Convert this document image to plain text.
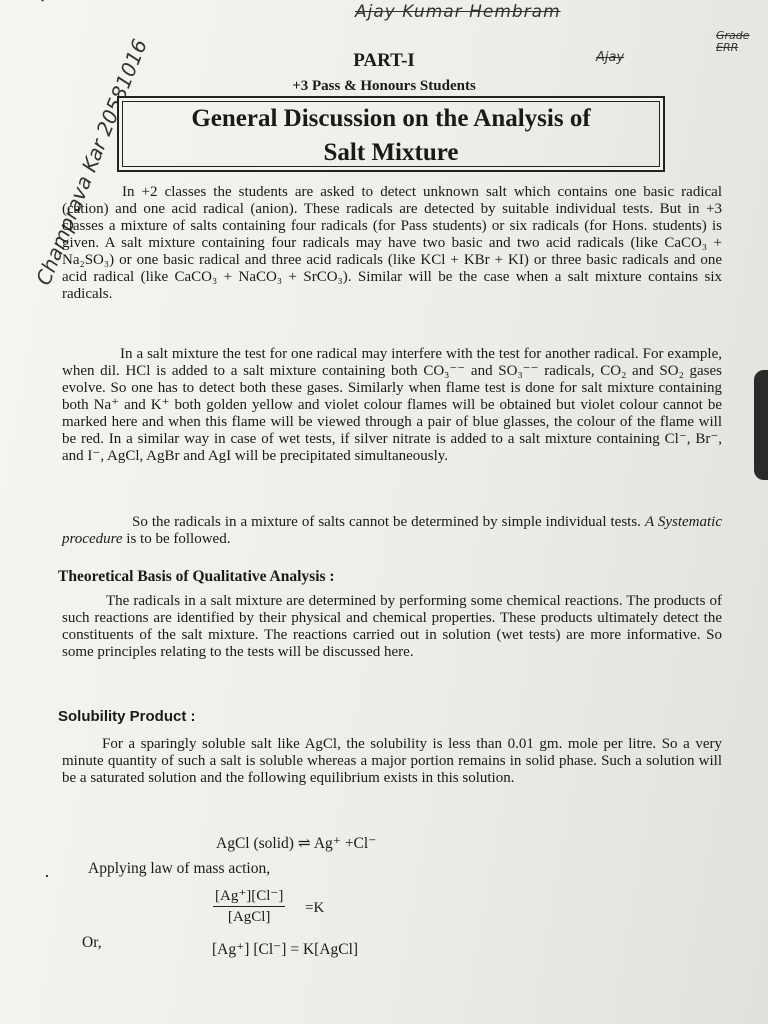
Ajay Kumar Hembram
Ajay
Grade
ERR
Champrava Kar 20581016	PART-I
+3 Pass & Honours Students
General Discussion on the Analysis of
Salt Mixture
In +2 classes the students are asked to detect unknown salt which contains one basic radical (cation) and one acid radical (anion). These radicals are detected by suitable individual tests. But in +3 classes a mixture of salts containing four radicals (for Pass students) or six radicals (for Hons. students) is given. A salt mixture containing four radicals may have two basic and two acid radicals (like CaCO₃ + Na₂SO₃) or one basic radical and three acid radicals (like KCl + KBr + KI) or three basic radicals and one acid radical (like CaCO₃ + NaCO₃ + SrCO₃). Similar will be the case when a salt mixture contains six radicals.
In a salt mixture the test for one radical may interfere with the test for another radical. For example, when dil. HCl is added to a salt mixture containing both CO₃⁻⁻ and SO₃⁻⁻ radicals, CO₂ and SO₂ gases evolve. So one has to detect both these gases. Similarly when flame test is done for salt mixture containing both Na⁺ and K⁺ both golden yellow and violet colour flames will be obtained but violet colour cannot be marked here and when this flame will be viewed through a pair of blue glasses, the colour of the flame will be red. In a similar way in case of wet tests, if silver nitrate is added to a salt mixture containing Cl⁻, Br⁻, and I⁻, AgCl, AgBr and AgI will be precipitated simultaneously.
So the radicals in a mixture of salts cannot be determined by simple individual tests. A Systematic procedure is to be followed.
Theoretical Basis of Qualitative Analysis :
The radicals in a salt mixture are determined by performing some chemical reactions. The products of such reactions are identified by their physical and chemical properties. These products ultimately detect the constituents of the salt mixture. The reactions carried out in solution (wet tests) are more informative. So some principles relating to the tests will be discussed here.
Solubility Product :
For a sparingly soluble salt like AgCl, the solubility is less than 0.01 gm. mole per litre. So a very minute quantity of such a salt is soluble whereas a major portion remains in solid phase. Such a solution will be a saturated solution and the following equilibrium exists in this solution.
AgCl (solid) ⇌ Ag⁺ +Cl⁻
· Applying law of mass action,
[Ag⁺][Cl⁻]
[AgCl]
=K
Or,	[Ag⁺] [Cl⁻] = K[AgCl]
